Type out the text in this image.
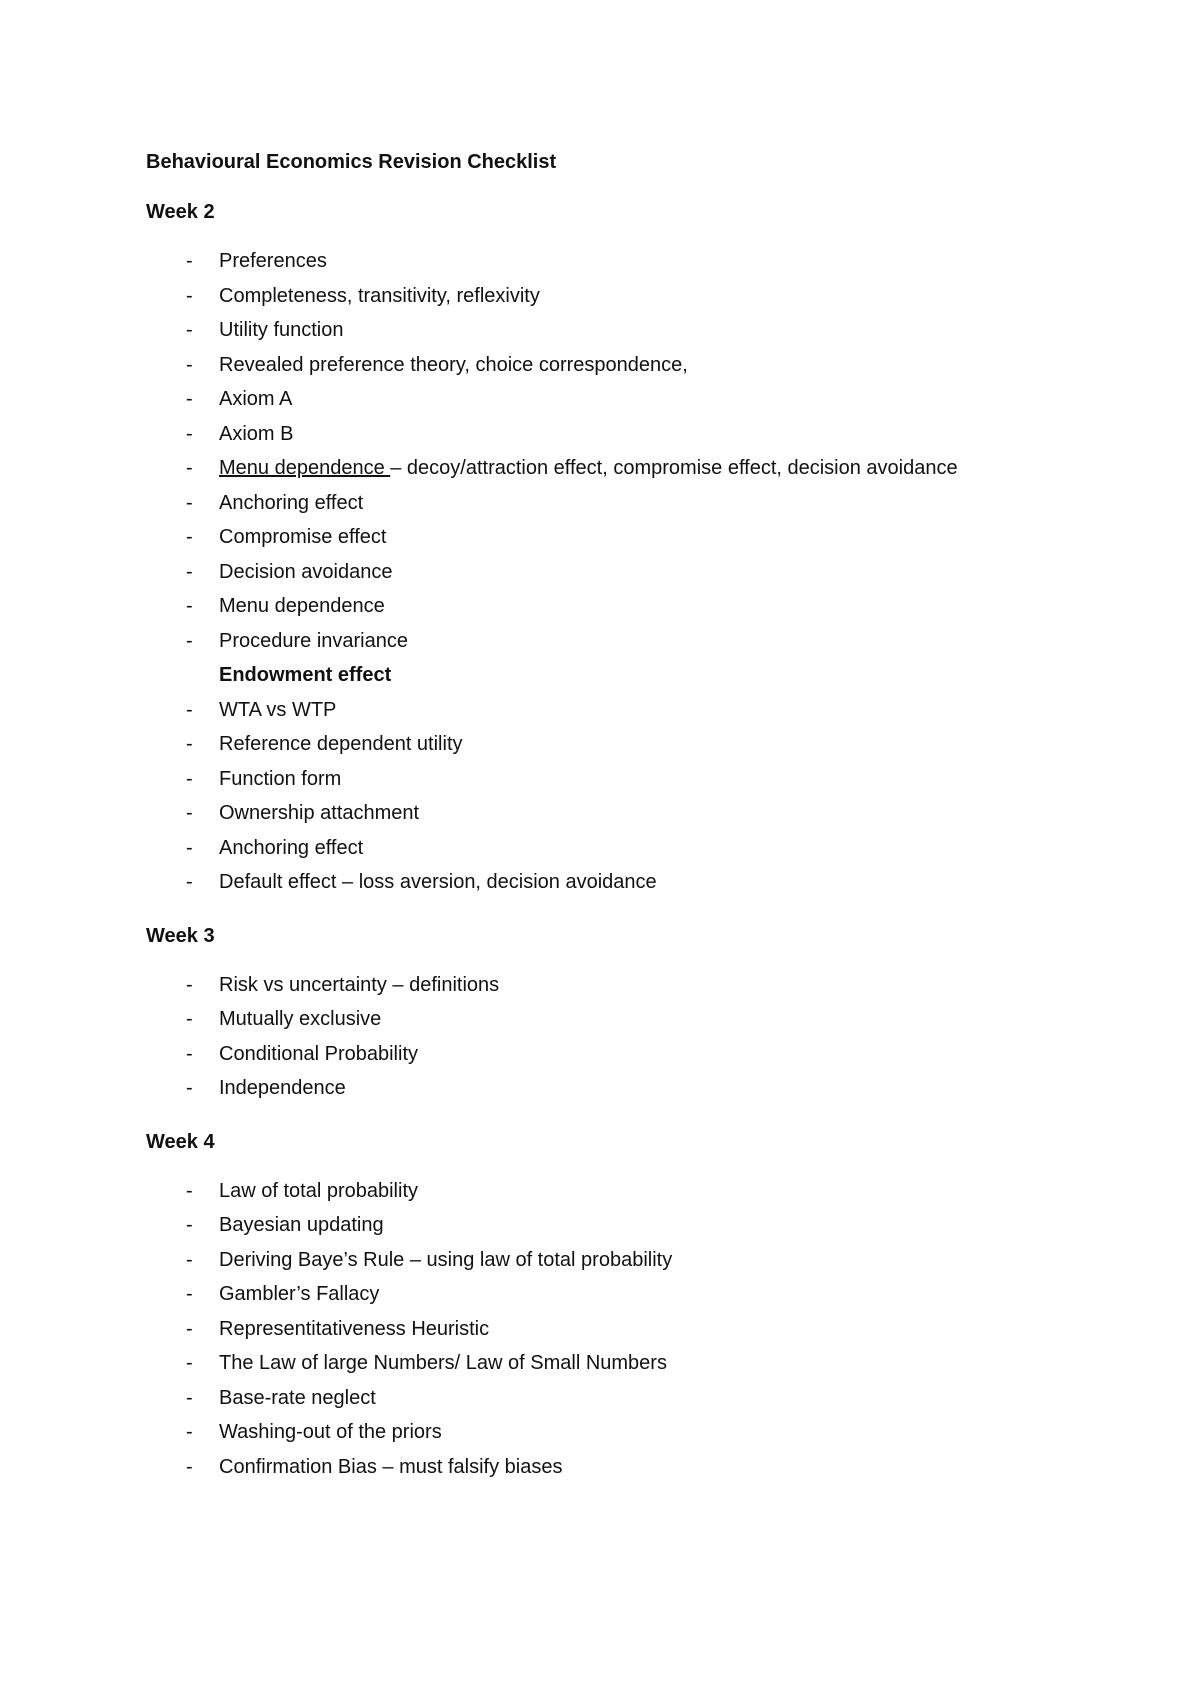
Behavioural Economics Revision Checklist
Week 2
- Preferences
- Completeness, transitivity, reflexivity
- Utility function
- Revealed preference theory, choice correspondence,
- Axiom A
- Axiom B
- Menu dependence – decoy/attraction effect, compromise effect, decision avoidance
- Anchoring effect
- Compromise effect
- Decision avoidance
- Menu dependence
- Procedure invariance
Endowment effect
- WTA vs WTP
- Reference dependent utility
- Function form
- Ownership attachment
- Anchoring effect
- Default effect – loss aversion, decision avoidance
Week 3
- Risk vs uncertainty – definitions
- Mutually exclusive
- Conditional Probability
- Independence
Week 4
- Law of total probability
- Bayesian updating
- Deriving Baye’s Rule – using law of total probability
- Gambler’s Fallacy
- Representitativeness Heuristic
- The Law of large Numbers/ Law of Small Numbers
- Base-rate neglect
- Washing-out of the priors
- Confirmation Bias – must falsify biases
